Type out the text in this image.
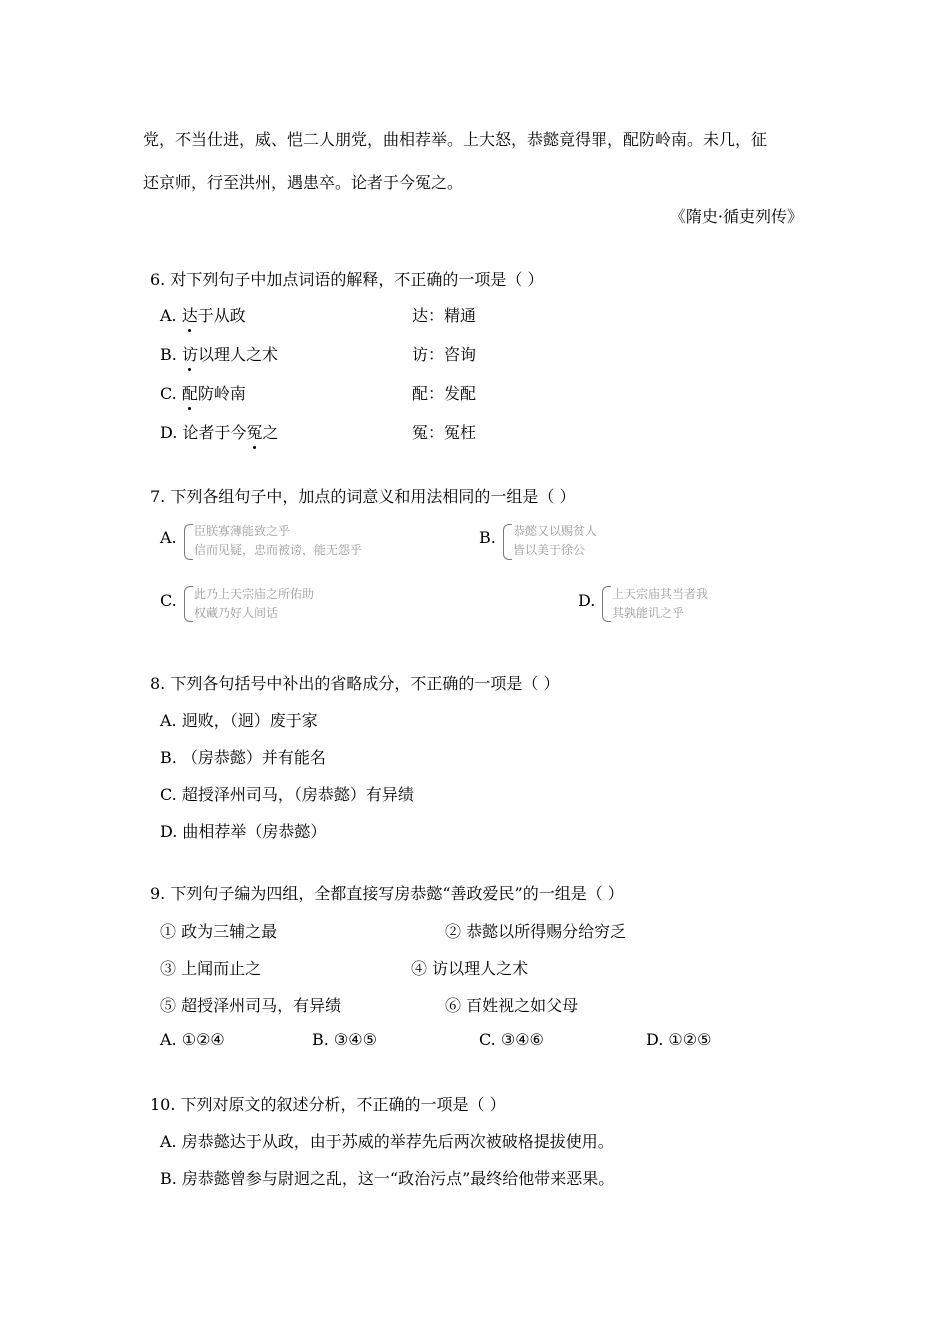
党，不当仕进，威、恺二人朋党，曲相荐举。上大怒，恭懿竟得罪，配防岭南。未几，征
还京师，行至洪州，遇患卒。论者于今冤之。
《隋史·循吏列传》
6. 对下列句子中加点词语的解释，不正确的一项是（ ）
A. 达于从政	达：精通
B. 访以理人之术	访：咨询
C. 配防岭南	配：发配
D. 论者于今冤之	冤：冤枉
7. 下列各组句子中，加点的词意义和用法相同的一组是（ ）
A. 臣朕寡薄能致之乎
信而见疑，忠而被谤，能无怨乎
B. 恭懿又以赐贫人
皆以美于徐公
C. 此乃上天宗庙之所佑助
权藏乃好人间话
D. 上天宗庙其当者我
其孰能讥之乎
8. 下列各句括号中补出的省略成分，不正确的一项是（ ）
A. 迥败，（迥）废于家
B. （房恭懿）并有能名
C. 超授泽州司马，（房恭懿）有异绩
D. 曲相荐举（房恭懿）
9. 下列句子编为四组，全都直接写房恭懿“善政爱民”的一组是（ ）
① 政为三辅之最	② 恭懿以所得赐分给穷乏
③ 上闻而止之	④ 访以理人之术
⑤ 超授泽州司马，有异绩	⑥ 百姓视之如父母
A. ①②④	B. ③④⑤	C. ③④⑥	D. ①②⑤
10. 下列对原文的叙述分析，不正确的一项是（ ）
A. 房恭懿达于从政，由于苏威的举荐先后两次被破格提拔使用。
B. 房恭懿曾参与尉迥之乱，这一“政治污点”最终给他带来恶果。
